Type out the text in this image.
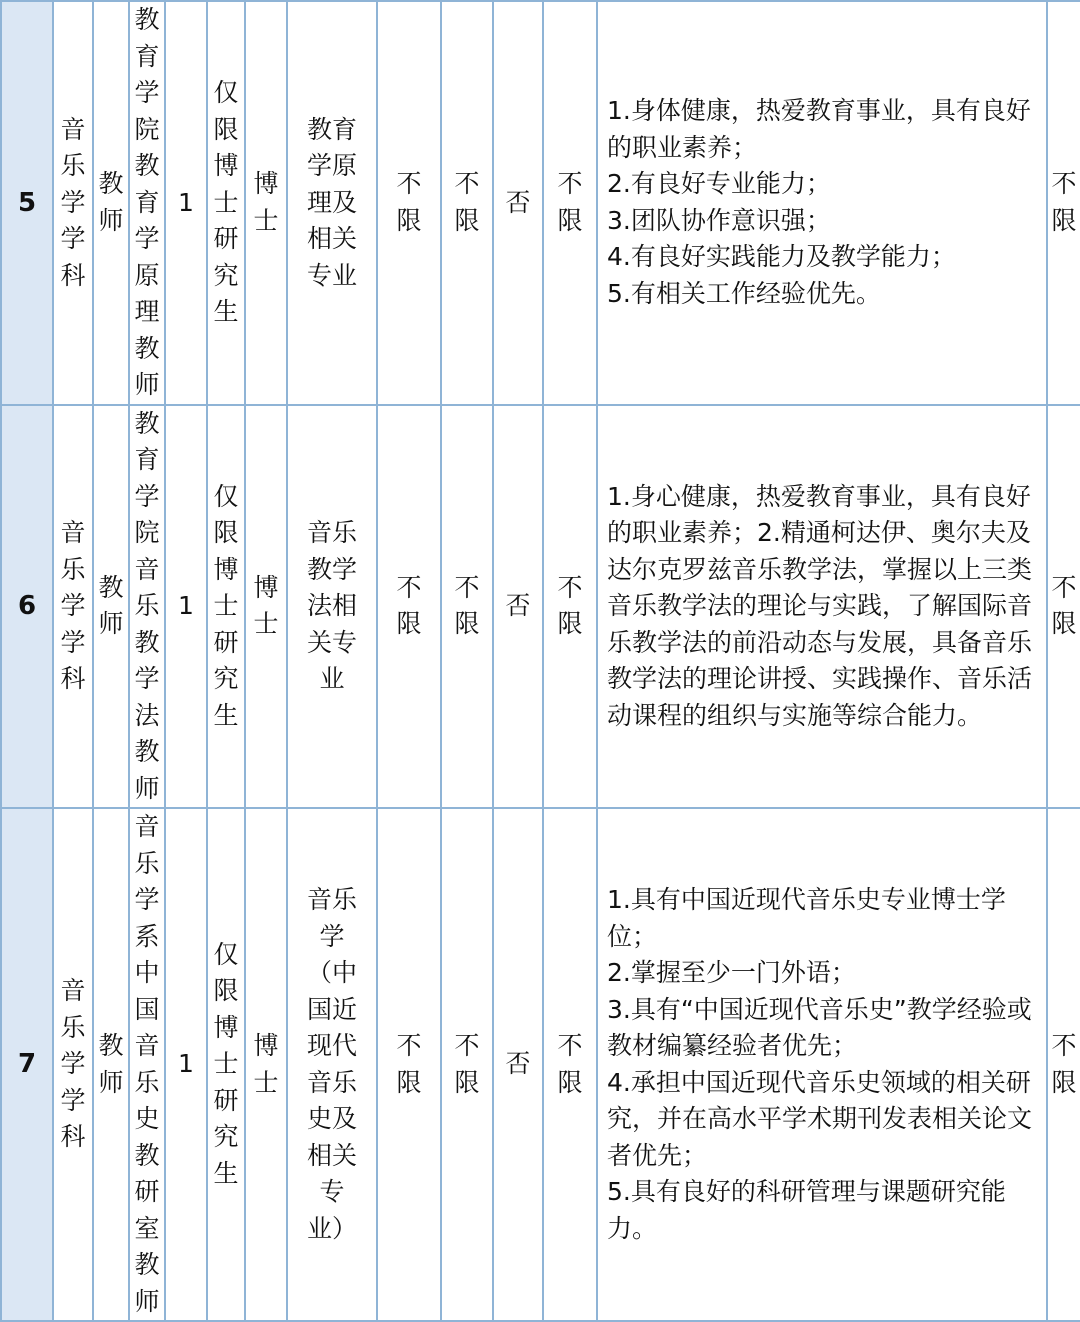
5	音乐学学科	教师	教育学院教育学原理教师	1	仅限博士研究生	博士	教育学原理及相关专业	不限	不限	否	不限	1.身体健康，热爱教育事业，具有良好的职业素养；
2.有良好专业能力；
3.团队协作意识强；
4.有良好实践能力及教学能力；
5.有相关工作经验优先。	不限
6	音乐学学科	教师	教育学院音乐教学法教师	1	仅限博士研究生	博士	音乐教学法相关专业	不限	不限	否	不限	1.身心健康，热爱教育事业，具有良好的职业素养；2.精通柯达伊、奥尔夫及达尔克罗兹音乐教学法，掌握以上三类音乐教学法的理论与实践，了解国际音乐教学法的前沿动态与发展，具备音乐教学法的理论讲授、实践操作、音乐活动课程的组织与实施等综合能力。	不限
7	音乐学学科	教师	音乐学系中国音乐史教研室教师	1	仅限博士研究生	博士	音乐学（中国近现代音乐史及相关专业）	不限	不限	否	不限	1.具有中国近现代音乐史专业博士学位；
2.掌握至少一门外语；
3.具有“中国近现代音乐史”教学经验或教材编纂经验者优先；
4.承担中国近现代音乐史领域的相关研究，并在高水平学术期刊发表相关论文者优先；
5.具有良好的科研管理与课题研究能力。	不限
